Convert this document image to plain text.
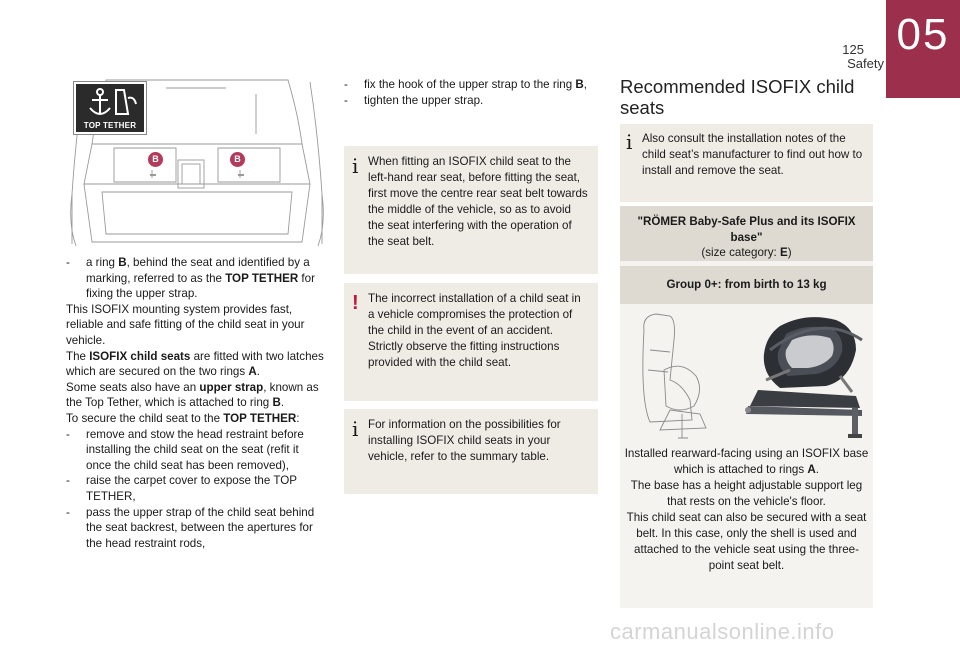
125
Safety
05
TOP TETHER
B	B

- a ring B, behind the seat and identified by a marking, referred to as the TOP TETHER for fixing the upper strap.

This ISOFIX mounting system provides fast, reliable and safe fitting of the child seat in your vehicle.

The ISOFIX child seats are fitted with two latches which are secured on the two rings A.

Some seats also have an upper strap, known as the Top Tether, which is attached to ring B.

To secure the child seat to the TOP TETHER:

- remove and stow the head restraint before installing the child seat on the seat (refit it once the child seat has been removed),

- raise the carpet cover to expose the TOP TETHER,

- pass the upper strap of the child seat behind the seat backrest, between the apertures for the head restraint rods,

- fix the hook of the upper strap to the ring B,

- tighten the upper strap.

i When fitting an ISOFIX child seat to the left-hand rear seat, before fitting the seat, first move the centre rear seat belt towards the middle of the vehicle, so as to avoid the seat interfering with the operation of the seat belt.

! The incorrect installation of a child seat in a vehicle compromises the protection of the child in the event of an accident. Strictly observe the fitting instructions provided with the child seat.

i For information on the possibilities for installing ISOFIX child seats in your vehicle, refer to the summary table.

Recommended ISOFIX child seats
i Also consult the installation notes of the child seat’s manufacturer to find out how to install and remove the seat.

"RÖMER Baby-Safe Plus and its ISOFIX base"
(size category: E)
Group 0+: from birth to 13 kg

Installed rearward-facing using an ISOFIX base which is attached to rings A.

The base has a height adjustable support leg that rests on the vehicle's floor.

This child seat can also be secured with a seat belt. In this case, only the shell is used and attached to the vehicle seat using the three-point seat belt.

carmanualsonline.info
